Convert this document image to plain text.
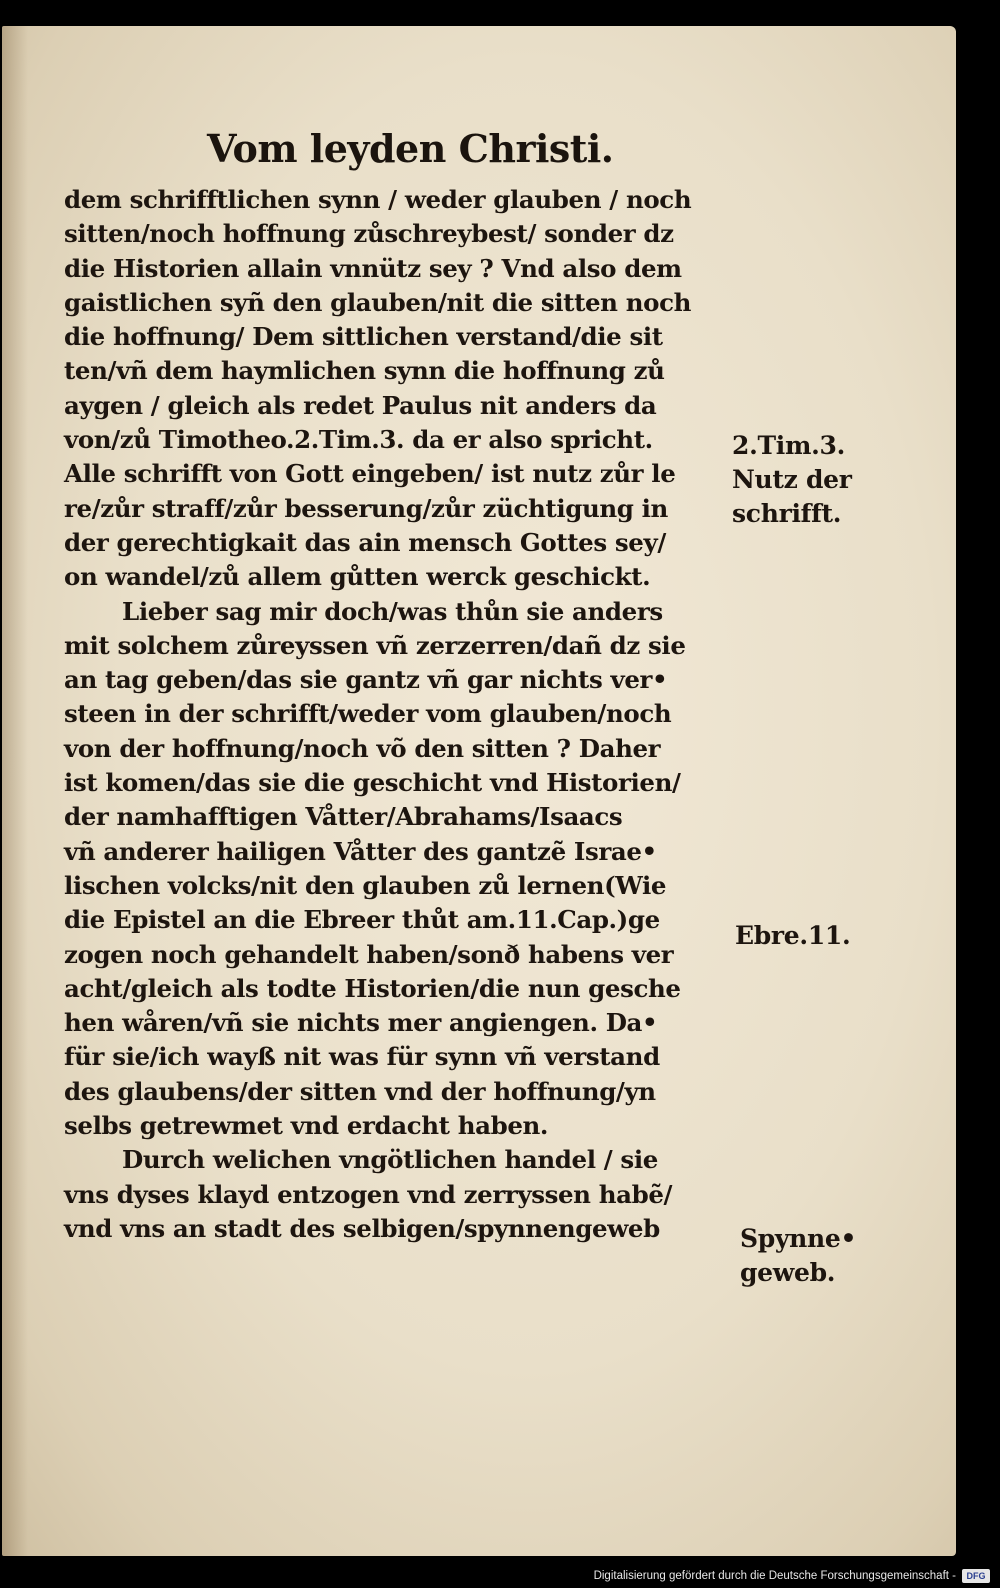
Vom leyden Christi.
dem schrifftlichen synn / weder glauben / noch
sitten/noch hoffnung zůschreybest/ sonder dz
die Historien allain vnnütz sey ? Vnd also dem
gaistlichen syñ den glauben/nit die sitten noch
die hoffnung/ Dem sittlichen verstand/die sit
ten/vñ dem haymlichen synn die hoffnung zů
aygen / gleich als redet Paulus nit anders da
von/zů Timotheo.2.Tim.3. da er also spricht.
Alle schrifft von Gott eingeben/ ist nutz zůr le
re/zůr straff/zůr besserung/zůr züchtigung in
der gerechtigkait das ain mensch Gottes sey/
on wandel/zů allem gůtten werck geschickt.
Lieber sag mir doch/was thůn sie anders
mit solchem zůreyssen vñ zerzerren/dañ dz sie
an tag geben/das sie gantz vñ gar nichts ver•
steen in der schrifft/weder vom glauben/noch
von der hoffnung/noch võ den sitten ? Daher
ist komen/das sie die geschicht vnd Historien/
der namhafftigen Våtter/Abrahams/Isaacs
vñ anderer hailigen Våtter des gantzẽ Israe•
lischen volcks/nit den glauben zů lernen(Wie
die Epistel an die Ebreer thůt am.11.Cap.)ge
zogen noch gehandelt haben/sonð habens ver
acht/gleich als todte Historien/die nun gesche
hen wåren/vñ sie nichts mer angiengen. Da•
für sie/ich wayß nit was für synn vñ verstand
des glaubens/der sitten vnd der hoffnung/yn
selbs getrewmet vnd erdacht haben.
Durch welichen vngötlichen handel / sie
vns dyses klayd entzogen vnd zerryssen habẽ/
vnd vns an stadt des selbigen/spynnengeweb
2.Tim.3.
Nutz der
schrifft.
Ebre.11.
Spynne•
geweb.
Digitalisierung gefördert durch die Deutsche Forschungsgemeinschaft -	DFG
